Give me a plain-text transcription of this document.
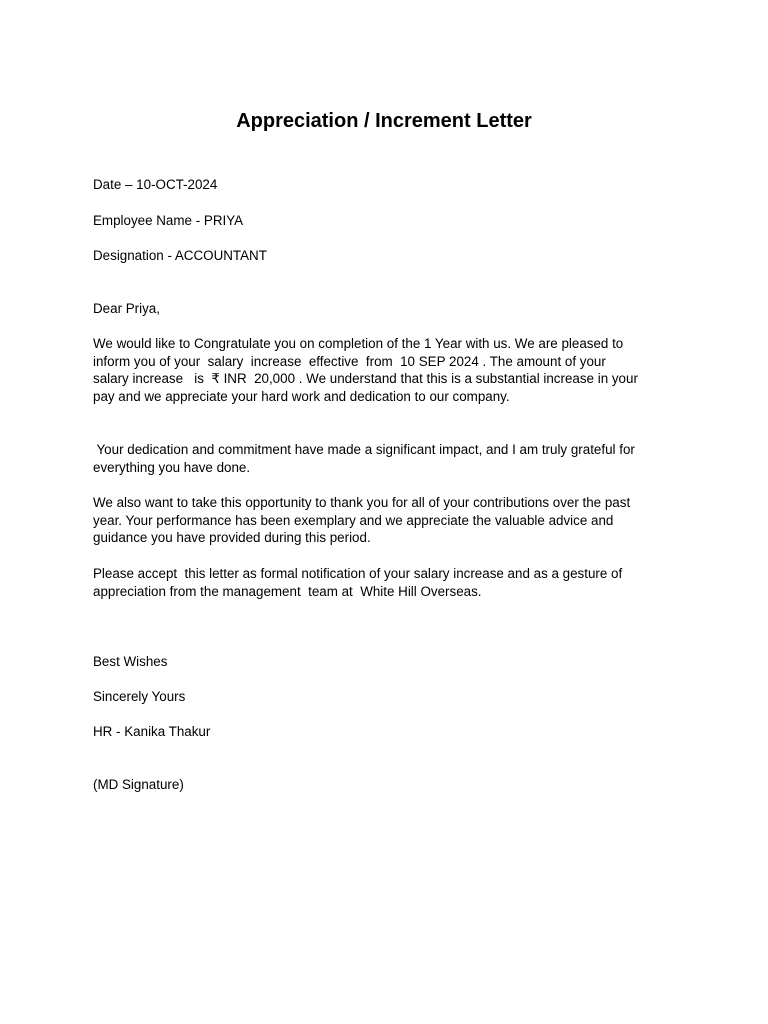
Appreciation / Increment Letter
Date – 10-OCT-2024
Employee Name - PRIYA
Designation - ACCOUNTANT
Dear Priya,
We would like to Congratulate you on completion of the 1 Year with us. We are pleased to
inform you of your  salary  increase  effective  from  10 SEP 2024 . The amount of your
salary increase   is  ₹ INR  20,000 . We understand that this is a substantial increase in your
pay and we appreciate your hard work and dedication to our company.
Your dedication and commitment have made a significant impact, and I am truly grateful for
everything you have done.
We also want to take this opportunity to thank you for all of your contributions over the past
year. Your performance has been exemplary and we appreciate the valuable advice and
guidance you have provided during this period.
Please accept  this letter as formal notification of your salary increase and as a gesture of
appreciation from the management  team at  White Hill Overseas.
Best Wishes
Sincerely Yours
HR - Kanika Thakur
(MD Signature)
